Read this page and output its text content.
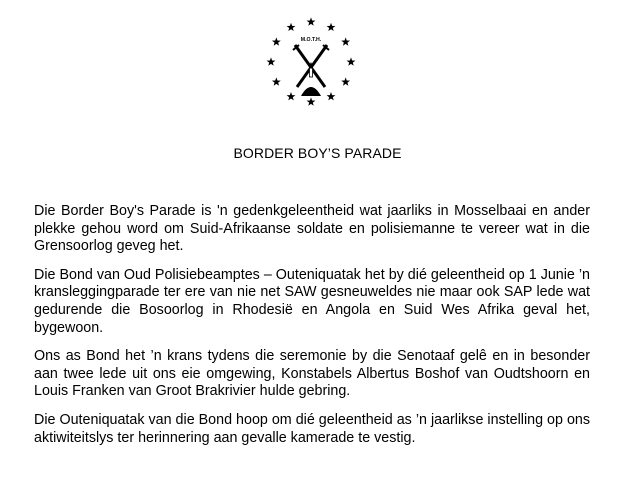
M.O.T.H.
BORDER BOY’S PARADE

Die Border Boy's Parade is 'n gedenkgeleentheid wat jaarliks in Mosselbaai en ander plekke gehou word om Suid-Afrikaanse soldate en polisiemanne te vereer wat in die Grensoorlog geveg het.

Die Bond van Oud Polisiebeamptes – Outeniquatak het by dié geleentheid op 1 Junie ’n kransleggingparade ter ere van nie net SAW gesneuweldes nie maar ook SAP lede wat gedurende die Bosoorlog in Rhodesië en Angola en Suid Wes Afrika geval het, bygewoon.

Ons as Bond het ’n krans tydens die seremonie by die Senotaaf gelê en in besonder aan twee lede uit ons eie omgewing, Konstabels Albertus Boshof van Oudtshoorn en Louis Franken van Groot Brakrivier hulde gebring.

Die Outeniquatak van die Bond hoop om dié geleentheid as ’n jaarlikse instelling op ons aktiwiteitslys ter herinnering aan gevalle kamerade te vestig.
